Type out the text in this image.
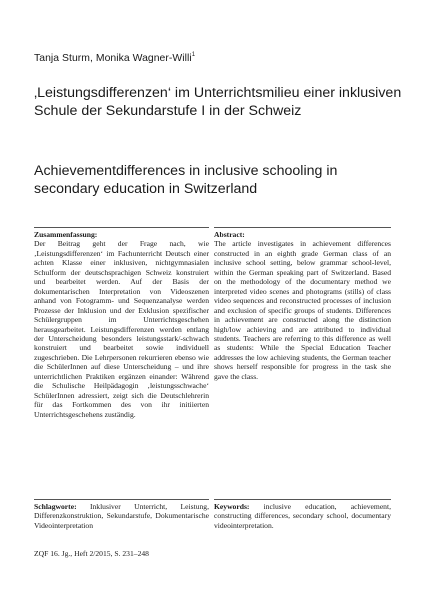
Tanja Sturm, Monika Wagner-Willi$^1$
‚Leistungsdifferenzen‘ im Unterrichtsmilieu einer inklusiven Schule der Sekundarstufe I in der Schweiz
Achievementdifferences in inclusive schooling in secondary education in Switzerland
Zusammenfassung:
Der Beitrag geht der Frage nach, wie ‚Leistungsdifferenzen‘ im Fachunterricht Deutsch einer achten Klasse einer inklusiven, nichtgymnasialen Schulform der deutschsprachigen Schweiz konstruiert und bearbeitet werden. Auf der Basis der dokumentarischen Interpretation von Videoszenen anhand von Fotogramm- und Sequenzanalyse werden Prozesse der Inklusion und der Exklusion spezifischer Schülergruppen im Unterrichtsgeschehen herausgearbeitet. Leistungsdifferenzen werden entlang der Unterscheidung besonders leistungsstark/-schwach konstruiert und bearbeitet sowie individuell zugeschrieben. Die Lehrpersonen rekurrieren ebenso wie die SchülerInnen auf diese Unterscheidung – und ihre unterrichtlichen Praktiken ergänzen einander: Während die Schulische Heilpädagogin ‚leistungsschwache‘ SchülerInnen adressiert, zeigt sich die Deutschlehrerin für das Fortkommen des von ihr initiierten Unterrichtsgeschehens zuständig.
Abstract:
The article investigates in achievement differences constructed in an eighth grade German class of an inclusive school setting, below grammar school-level, within the German speaking part of Switzerland. Based on the methodology of the documentary method we interpreted video scenes and photograms (stills) of class video sequences and reconstructed processes of inclusion and exclusion of specific groups of students. Differences in achievement are constructed along the distinction high/low achieving and are attributed to individual students. Teachers are referring to this difference as well as students: While the Special Education Teacher addresses the low achieving students, the German teacher shows herself responsible for progress in the task she gave the class.
Schlagworte: Inklusiver Unterricht, Leistung, Differenzkonstruktion, Sekundarstufe, Dokumentarische Videointerpretation
Keywords: inclusive education, achievement, constructing differences, secondary school, documentary videointerpretation.
ZQF 16. Jg., Heft 2/2015, S. 231–248
